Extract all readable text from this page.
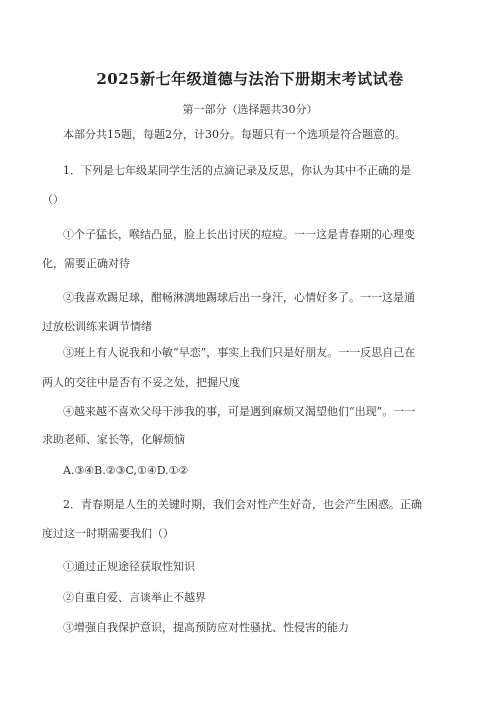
2025新七年级道德与法治下册期末考试试卷
第一部分（选择题共30分）
本部分共15题，每题2分，计30分。每题只有一个选项是符合题意的。
1．下列是七年级某同学生活的点滴记录及反思，你认为其中不正确的是
（）
①个子猛长，喉结凸显，脸上长出讨厌的痘痘。一一这是青春期的心理变
化，需要正确对待
②我喜欢踢足球，酣畅淋漓地踢球后出一身汗，心情好多了。一一这是通
过放松训练来调节情绪
③班上有人说我和小敏“早恋”，事实上我们只是好朋友。一一反思自己在
两人的交往中是否有不妥之处，把握尺度
④越来越不喜欢父母干涉我的事，可是遇到麻烦又渴望他们“出现”。一一
求助老师、家长等，化解烦恼
A.③④B.②③C,①④D.①②
2．青春期是人生的关键时期，我们会对性产生好奇，也会产生困惑。正确
度过这一时期需要我们（）
①通过正规途径获取性知识
②自重自爱、言谈举止不越界
③增强自我保护意识，提高预防应对性骚扰、性侵害的能力
